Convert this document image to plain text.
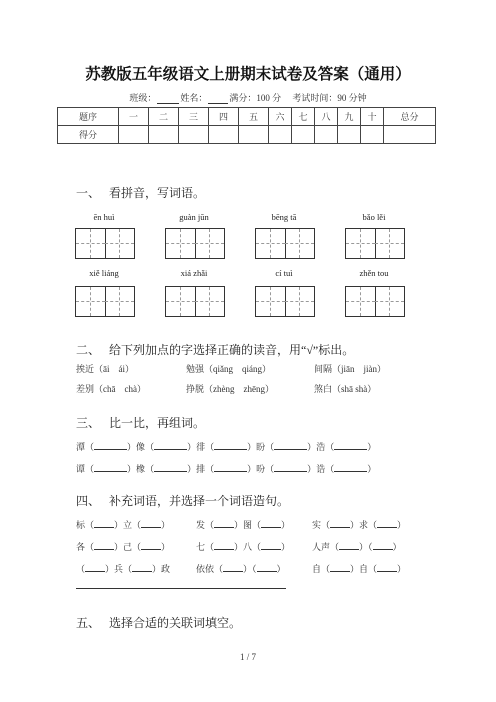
苏教版五年级语文上册期末试卷及答案（通用）
班级：	姓名： 满分：100 分 考试时间：90 分钟
题序	一	二	三	四	五	六	七	八	九	十	总分
得分											
一、 看拼音，写词语。
ēn huì	guàn jūn	bēng tā	bǎo lěi
xiě liáng	xiá zhǎi	cí tuì	zhěn tou
二、 给下列加点的字选择正确的读音，用“√”标出。
挨近（āi　ái）	勉强（qiǎng　qiáng）	间隔（jiān　jiàn）
差别（chā　chà）	挣脱（zhèng　zhēng）	煞白（shā shà）
三、 比一比，再组词。
潭（	）像（	）徘（	）盼（	）浩（	）
谭（	）橡（	）排（	）吩（	）诰（	）
四、 补充词语，并选择一个词语造句。
标（ ）立（ ）	发（ ）图（ ） 实（ ）求（ ）
各（ ）己（ ）	七（ ）八（ ） 人声（ ）（ ）
（ ）兵（ ）政	依依（ ）（ ）	自（ ）自（ ）
五、 选择合适的关联词填空。
1 / 7
